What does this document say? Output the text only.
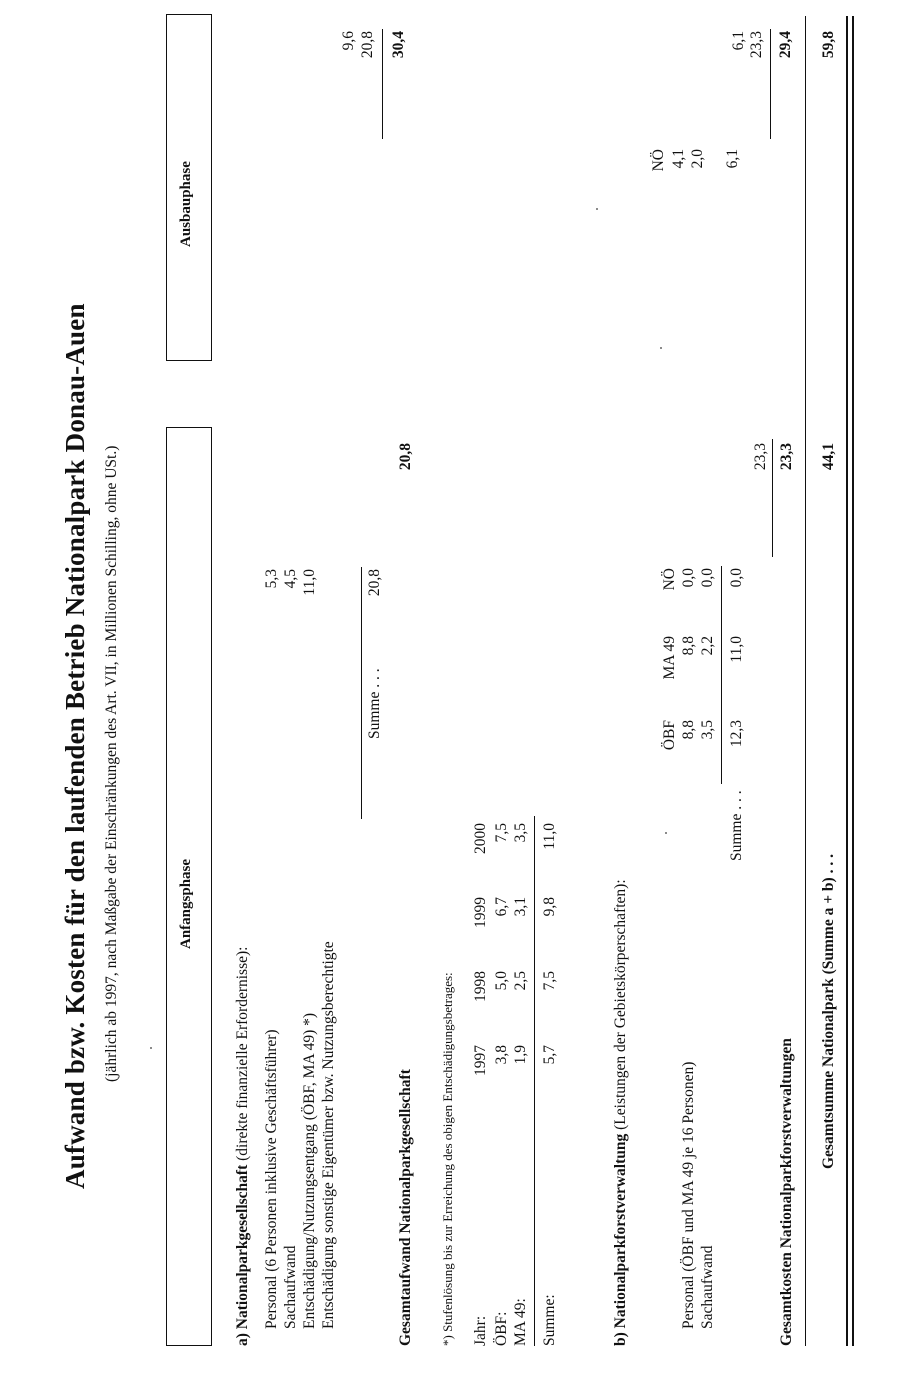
Aufwand bzw. Kosten für den laufenden Betrieb Nationalpark Donau-Auen (jährlich ab 1997, nach Maßgabe der Einschränkungen des Art. VII, in Millionen Schilling, ohne USt.)	Anfangsphase
Ausbauphase
a) Nationalparkgesellschaft (direkte finanzielle Erfordernisse): Personal (6 Personen inklusive Geschäftsführer) Sachaufwand Entschädigung/Nutzungsentgang (ÖBF, MA 49) *) Entschädigung sonstige Eigentümer bzw. Nutzungsberechtigte
5,3 4,5 11,0
Summe . . .
20,8
Gesamtaufwand Nationalparkgesellschaft
20,8
9,6 20,8 30,4
*) Stufenlösung bis zur Erreichung des obigen Entschädigungsbetrages: Jahr:
1997
1998
1999
2000
ÖBF:
3,8
5,0
6,7
7,5
MA 49:
1,9
2,5
3,1
3,5
Summe:
5,7
7,5
9,8
11,0
b) Nationalparkforstverwaltung (Leistungen der Gebietskörperschaften):
ÖBF
MA 49
NÖ
Personal (ÖBF und MA 49 je 16 Personen)
8,8
8,8
0,0
Sachaufwand
3,5
2,2
0,0
Summe . . .
12,3
11,0
0,0
23,3
Gesamtkosten Nationalparkforstverwaltungen
23,3
NÖ 4,1 2,0 6,1
6,1 23,3 29,4
Gesamtsumme Nationalpark (Summe a + b) . . .
44,1
59,8
